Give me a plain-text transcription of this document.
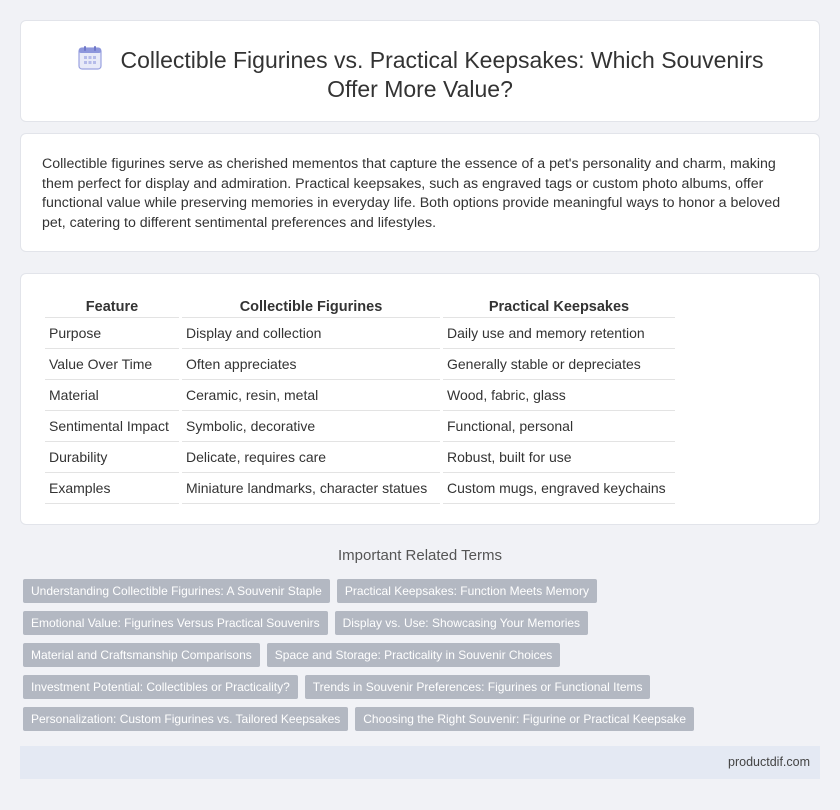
Collectible Figurines vs. Practical Keepsakes: Which Souvenirs Offer More Value?

Collectible figurines serve as cherished mementos that capture the essence of a pet's personality and charm, making them perfect for display and admiration. Practical keepsakes, such as engraved tags or custom photo albums, offer functional value while preserving memories in everyday life. Both options provide meaningful ways to honor a beloved pet, catering to different sentimental preferences and lifestyles.

Feature	Collectible Figurines	Practical Keepsakes
Purpose	Display and collection	Daily use and memory retention
Value Over Time	Often appreciates	Generally stable or depreciates
Material	Ceramic, resin, metal	Wood, fabric, glass
Sentimental Impact	Symbolic, decorative	Functional, personal
Durability	Delicate, requires care	Robust, built for use
Examples	Miniature landmarks, character statues	Custom mugs, engraved keychains
Important Related Terms
Understanding Collectible Figurines: A Souvenir Staple	Practical Keepsakes: Function Meets Memory
Emotional Value: Figurines Versus Practical Souvenirs	Display vs. Use: Showcasing Your Memories
Material and Craftsmanship Comparisons	Space and Storage: Practicality in Souvenir Choices
Investment Potential: Collectibles or Practicality?	Trends in Souvenir Preferences: Figurines or Functional Items
Personalization: Custom Figurines vs. Tailored Keepsakes	Choosing the Right Souvenir: Figurine or Practical Keepsake
productdif.com
